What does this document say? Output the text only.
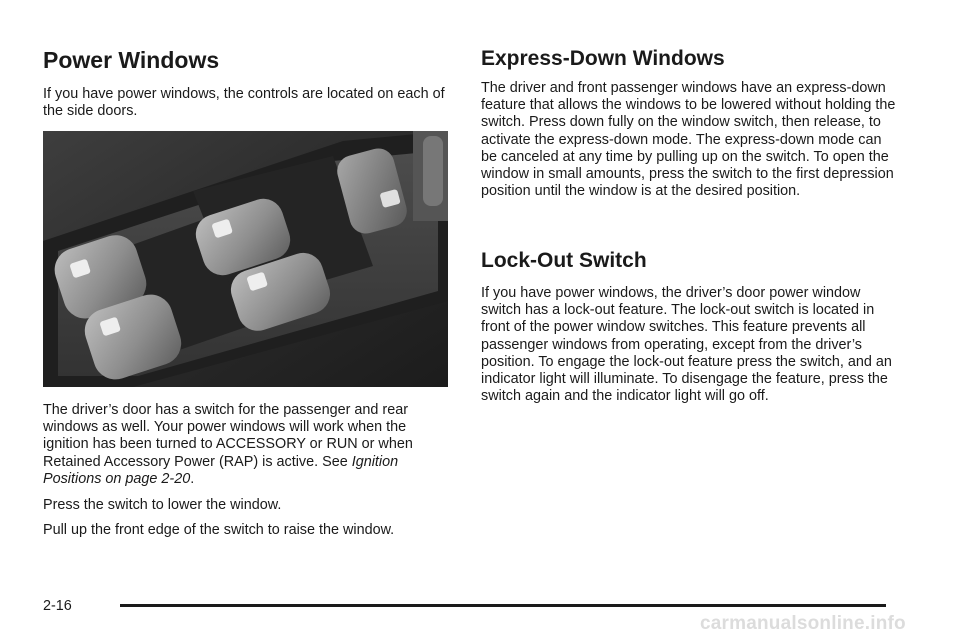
Power Windows

If you have power windows, the controls are located on each of the side doors.

The driver’s door has a switch for the passenger and rear windows as well. Your power windows will work when the ignition has been turned to ACCESSORY or RUN or when Retained Accessory Power (RAP) is active. See Ignition Positions on page 2-20.

Press the switch to lower the window.

Pull up the front edge of the switch to raise the window.

Express-Down Windows

The driver and front passenger windows have an express-down feature that allows the windows to be lowered without holding the switch. Press down fully on the window switch, then release, to activate the express-down mode. The express-down mode can be canceled at any time by pulling up on the switch. To open the window in small amounts, press the switch to the first depression position until the window is at the desired position.

Lock-Out Switch

If you have power windows, the driver’s door power window switch has a lock-out feature. The lock-out switch is located in front of the power window switches. This feature prevents all passenger windows from operating, except from the driver’s position. To engage the lock-out feature press the switch, and an indicator light will illuminate. To disengage the feature, press the switch again and the indicator light will go off.

2-16
carmanualsonline.info
